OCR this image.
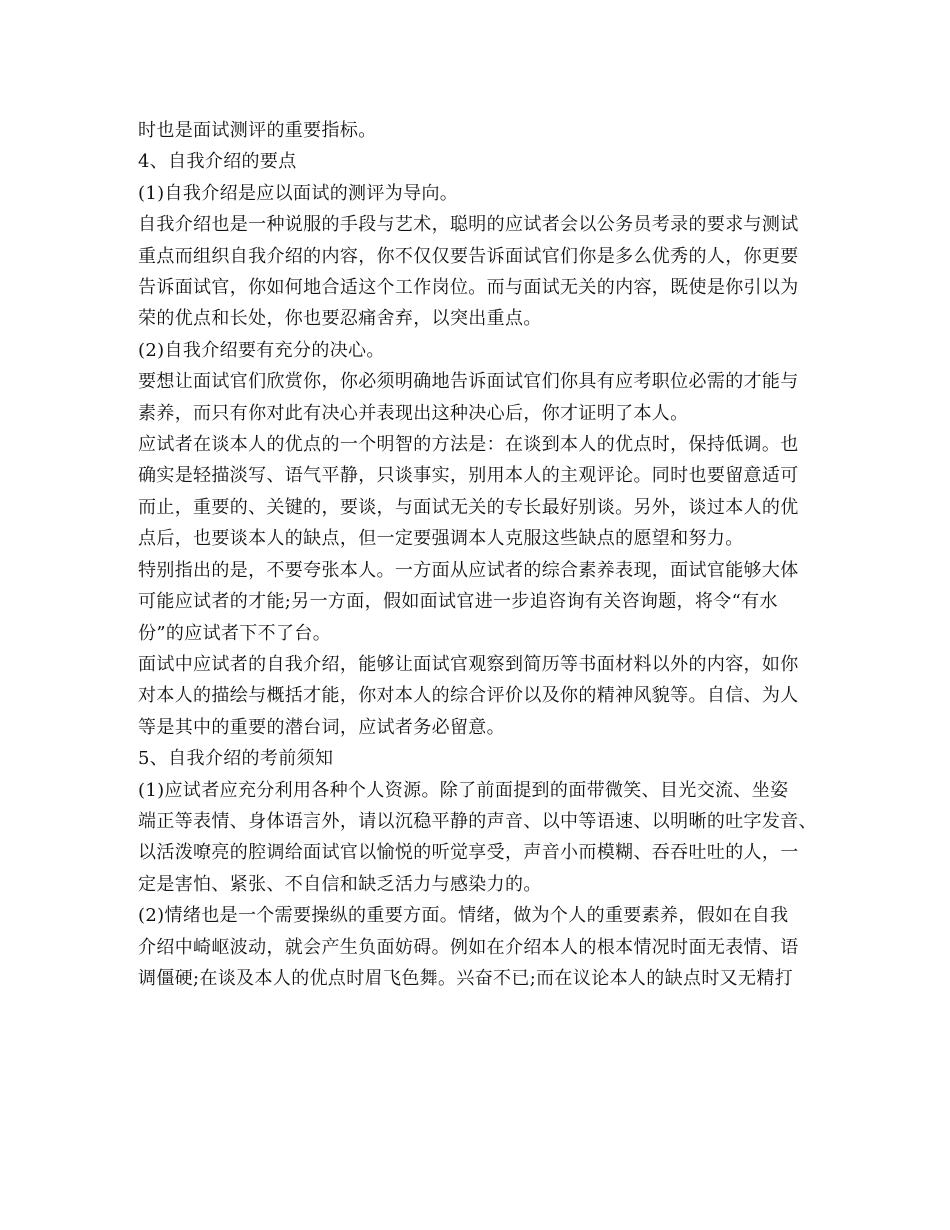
时也是面试测评的重要指标。

4、自我介绍的要点

(1)自我介绍是应以面试的测评为导向。

自我介绍也是一种说服的手段与艺术，聪明的应试者会以公务员考录的要求与测试

重点而组织自我介绍的内容，你不仅仅要告诉面试官们你是多么优秀的人，你更要

告诉面试官，你如何地合适这个工作岗位。而与面试无关的内容，既使是你引以为

荣的优点和长处，你也要忍痛舍弃，以突出重点。

(2)自我介绍要有充分的决心。

要想让面试官们欣赏你，你必须明确地告诉面试官们你具有应考职位必需的才能与

素养，而只有你对此有决心并表现出这种决心后，你才证明了本人。

应试者在谈本人的优点的一个明智的方法是：在谈到本人的优点时，保持低调。也

确实是轻描淡写、语气平静，只谈事实，别用本人的主观评论。同时也要留意适可

而止，重要的、关键的，要谈，与面试无关的专长最好别谈。另外，谈过本人的优

点后，也要谈本人的缺点，但一定要强调本人克服这些缺点的愿望和努力。

特别指出的是，不要夸张本人。一方面从应试者的综合素养表现，面试官能够大体

可能应试者的才能;另一方面，假如面试官进一步追咨询有关咨询题，将令“有水

份”的应试者下不了台。

面试中应试者的自我介绍，能够让面试官观察到简历等书面材料以外的内容，如你

对本人的描绘与概括才能，你对本人的综合评价以及你的精神风貌等。自信、为人

等是其中的重要的潜台词，应试者务必留意。

5、自我介绍的考前须知

(1)应试者应充分利用各种个人资源。除了前面提到的面带微笑、目光交流、坐姿

端正等表情、身体语言外，请以沉稳平静的声音、以中等语速、以明晰的吐字发音、

以活泼嘹亮的腔调给面试官以愉悦的听觉享受，声音小而模糊、吞吞吐吐的人，一

定是害怕、紧张、不自信和缺乏活力与感染力的。

(2)情绪也是一个需要操纵的重要方面。情绪，做为个人的重要素养，假如在自我

介绍中崎岖波动，就会产生负面妨碍。例如在介绍本人的根本情况时面无表情、语

调僵硬;在谈及本人的优点时眉飞色舞。兴奋不已;而在议论本人的缺点时又无精打
